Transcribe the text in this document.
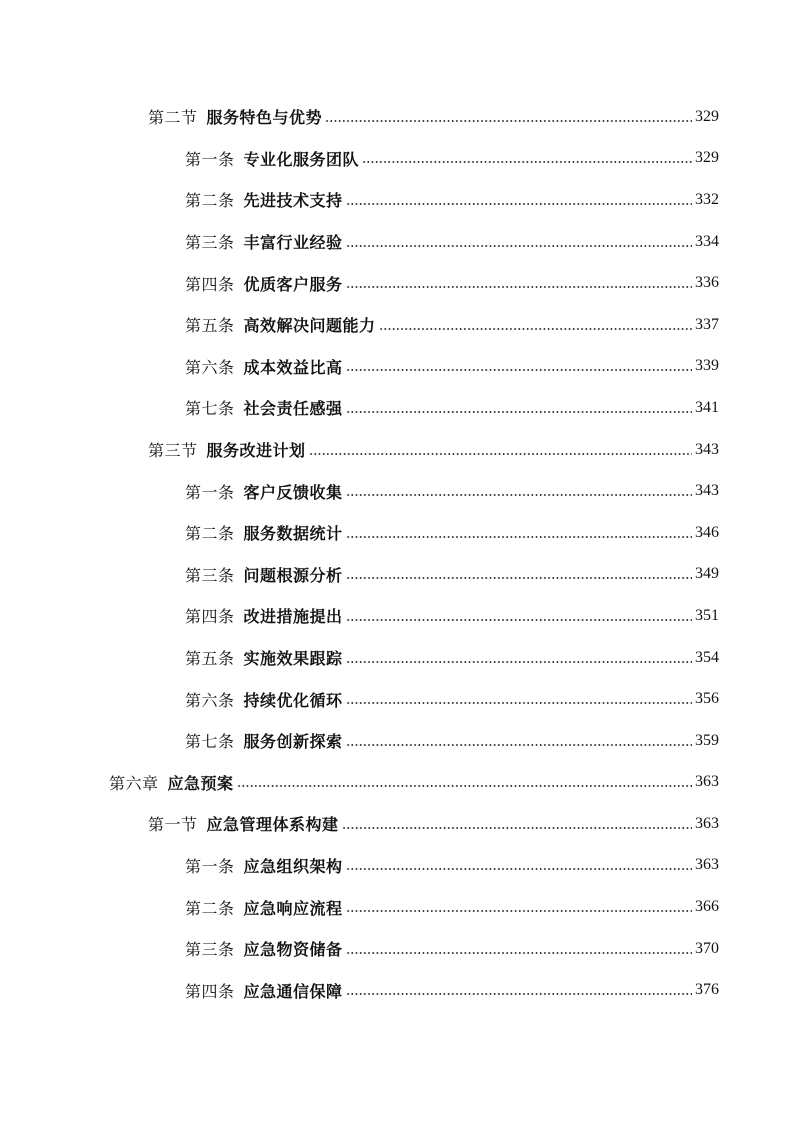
第二节 服务特色与优势	329
第一条 专业化服务团队	329
第二条 先进技术支持	332
第三条 丰富行业经验	334
第四条 优质客户服务	336
第五条 高效解决问题能力	337
第六条 成本效益比高	339
第七条 社会责任感强	341
第三节 服务改进计划	343
第一条 客户反馈收集	343
第二条 服务数据统计	346
第三条 问题根源分析	349
第四条 改进措施提出	351
第五条 实施效果跟踪	354
第六条 持续优化循环	356
第七条 服务创新探索	359
第六章 应急预案	363
第一节 应急管理体系构建	363
第一条 应急组织架构	363
第二条 应急响应流程	366
第三条 应急物资储备	370
第四条 应急通信保障	376
